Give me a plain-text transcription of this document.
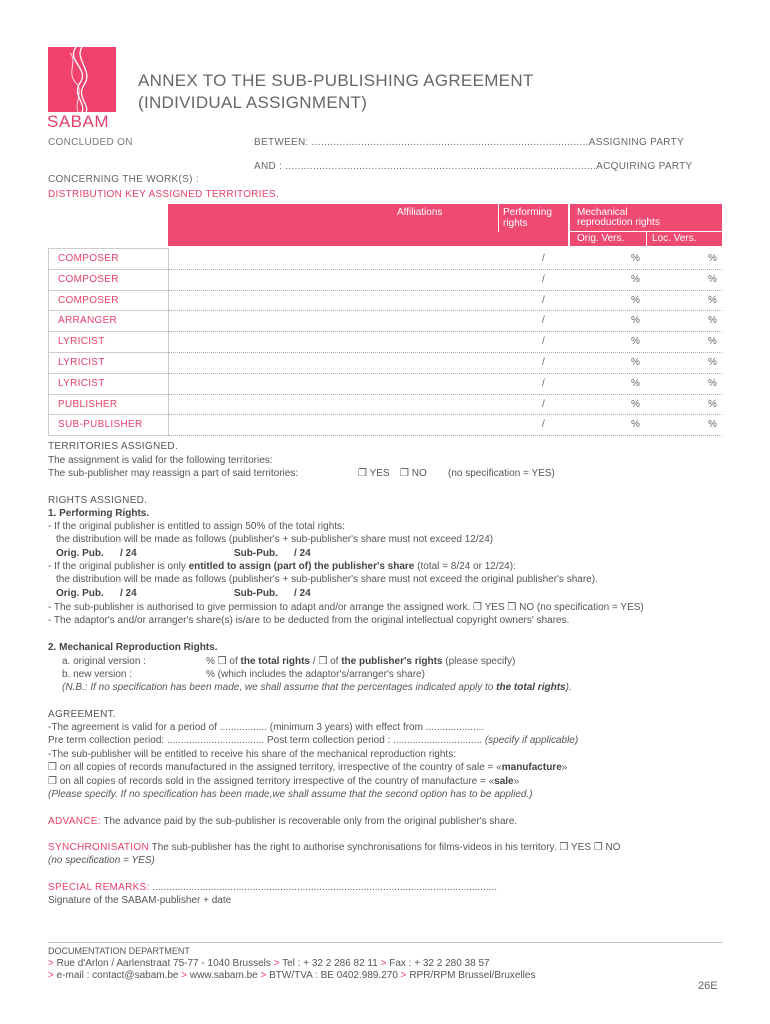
SABAM
ANNEX TO THE SUB-PUBLISHING AGREEMENT
(INDIVIDUAL ASSIGNMENT)
CONCLUDED ON	BETWEEN: ..........................................................................................ASSIGNING PARTY
AND : .....................................................................................................ACQUIRING PARTY
CONCERNING THE WORK(S) :
DISTRIBUTION KEY ASSIGNED TERRITORIES.
Affiliations	Performing
rights
Mechanical
reproduction rights
Orig. Vers.	Loc. Vers.
COMPOSER	/	%	%
COMPOSER	/	%	%
COMPOSER	/	%	%
ARRANGER	/	%	%
LYRICIST	/	%	%
LYRICIST	/	%	%
LYRICIST	/	%	%
PUBLISHER	/	%	%
SUB-PUBLISHER	/	%	%
TERRITORIES ASSIGNED.
The assignment is valid for the following territories:
The sub-publisher may reassign a part of said territories:	❒ YES ❒ NO (no specification = YES)
RIGHTS ASSIGNED.
1. Performing Rights.
- If the original publisher is entitled to assign 50% of the total rights:
the distribution will be made as follows (publisher's + sub-publisher's share must not exceed 12/24)
Orig. Pub. / 24	Sub-Pub. / 24
- If the original publisher is only entitled to assign (part of) the publisher's share (total = 8/24 or 12/24):
the distribution will be made as follows (publisher's + sub-publisher's share must not exceed the original publisher's share).
Orig. Pub. / 24	Sub-Pub. / 24
- The sub-publisher is authorised to give permission to adapt and/or arrange the assigned work. ❒ YES ❒ NO (no specification = YES)
- The adaptor's and/or arranger's share(s) is/are to be deducted from the original intellectual copyright owners' shares.
2. Mechanical Reproduction Rights.
a. original version :	% ❒ of the total rights / ❒ of the publisher's rights (please specify)
b. new version :	% (which includes the adaptor's/arranger's share)
(N.B.: If no specification has been made, we shall assume that the percentages indicated apply to the total rights).
AGREEMENT.
-The agreement is valid for a period of ................. (minimum 3 years) with effect from .....................
Pre term collection period: ................................... Post term collection period : ................................ (specify if applicable)
-The sub-publisher will be entitled to receive his share of the mechanical reproduction rights:
❒ on all copies of records manufactured in the assigned territory, irrespective of the country of sale = «manufacture»
❒ on all copies of records sold in the assigned territory irrespective of the country of manufacture = «sale»
(Please specify. If no specification has been made,we shall assume that the second option has to be applied.)
ADVANCE: The advance paid by the sub-publisher is recoverable only from the original publisher's share.
SYNCHRONISATION The sub-publisher has the right to authorise synchronisations for films-videos in his territory. ❒ YES ❒ NO
(no specification = YES)
SPECIAL REMARKS: ............................................................................................................................
Signature of the SABAM-publisher + date
DOCUMENTATION DEPARTMENT
> Rue d'Arlon / Aarlenstraat 75-77 - 1040 Brussels > Tel : + 32 2 286 82 11 > Fax : + 32 2 280 38 57
> e-mail : contact@sabam.be > www.sabam.be > BTW/TVA : BE 0402.989.270 > RPR/RPM Brussel/Bruxelles
26E
